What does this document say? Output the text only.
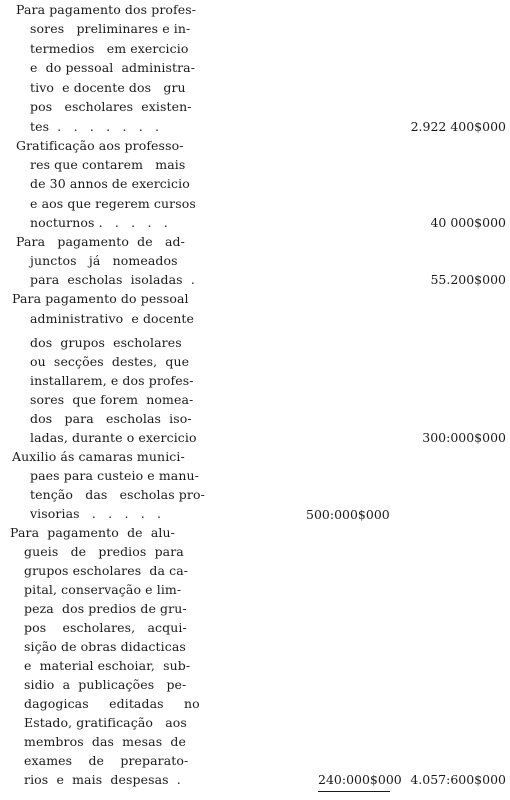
Para pagamento dos profes-
sores   preliminares e in-
termedios   em exercicio
e  do pessoal  administra-
tivo  e docente dos   gru
pos   escholares  existen-
tes  .   .   .   .   .   .   .	2.922 400$000
Gratificação aos professo-
res que contarem   mais
de 30 annos de exercicio
e aos que regerem cursos
nocturnos .   .   .   .   .	40 000$000
Para   pagamento  de   ad-
junctos   já   nomeados
para  escholas  isoladas  .	55.200$000
Para pagamento do pessoal
administrativo  e docente
dos  grupos  escholares
ou  secções  destes,  que
installarem, e dos profes-
sores  que forem  nomea-
dos   para   escholas  iso-
ladas, durante o exercicio	300:000$000
Auxilio ás camaras munici-
paes para custeio e manu-
tenção   das   escholas pro-
visorias   .   .   .   .   .	500:000$000
Para  pagamento  de  alu-
gueis   de   predios  para
grupos escholares  da ca-
pital, conservação e lim-
peza  dos predios de gru-
pos    escholares,   acqui-
sição de obras didacticas
e  material eschoiar,  sub-
sidio  a  publicações   pe-
dagogicas     editadas     no
Estado, gratificação   aos
membros  das  mesas  de
exames    de    preparato-
rios  e  mais  despesas  .	240:000$000 4.057:600$000
